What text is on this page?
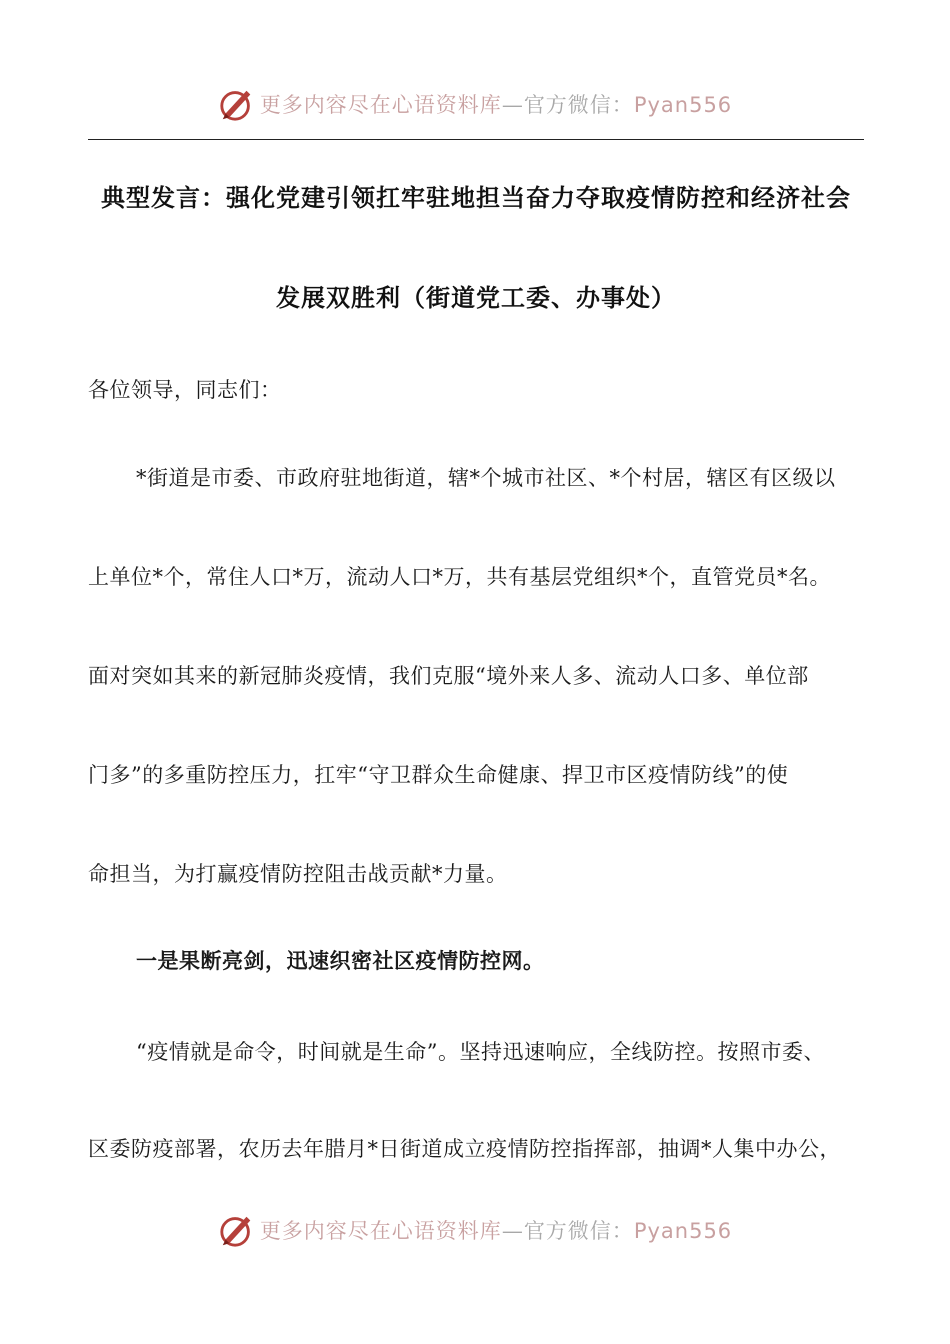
更多内容尽在心语资料库—官方微信：Pyan556
典型发言：强化党建引领扛牢驻地担当奋力夺取疫情防控和经济社会
发展双胜利（街道党工委、办事处）
各位领导，同志们：
*街道是市委、市政府驻地街道，辖*个城市社区、*个村居，辖区有区级以
上单位*个，常住人口*万，流动人口*万，共有基层党组织*个，直管党员*名。
面对突如其来的新冠肺炎疫情，我们克服“境外来人多、流动人口多、单位部
门多”的多重防控压力，扛牢“守卫群众生命健康、捍卫市区疫情防线”的使
命担当，为打赢疫情防控阻击战贡献*力量。
一是果断亮剑，迅速织密社区疫情防控网。
“疫情就是命令，时间就是生命”。坚持迅速响应，全线防控。按照市委、
区委防疫部署，农历去年腊月*日街道成立疫情防控指挥部，抽调*人集中办公，
更多内容尽在心语资料库—官方微信：Pyan556
